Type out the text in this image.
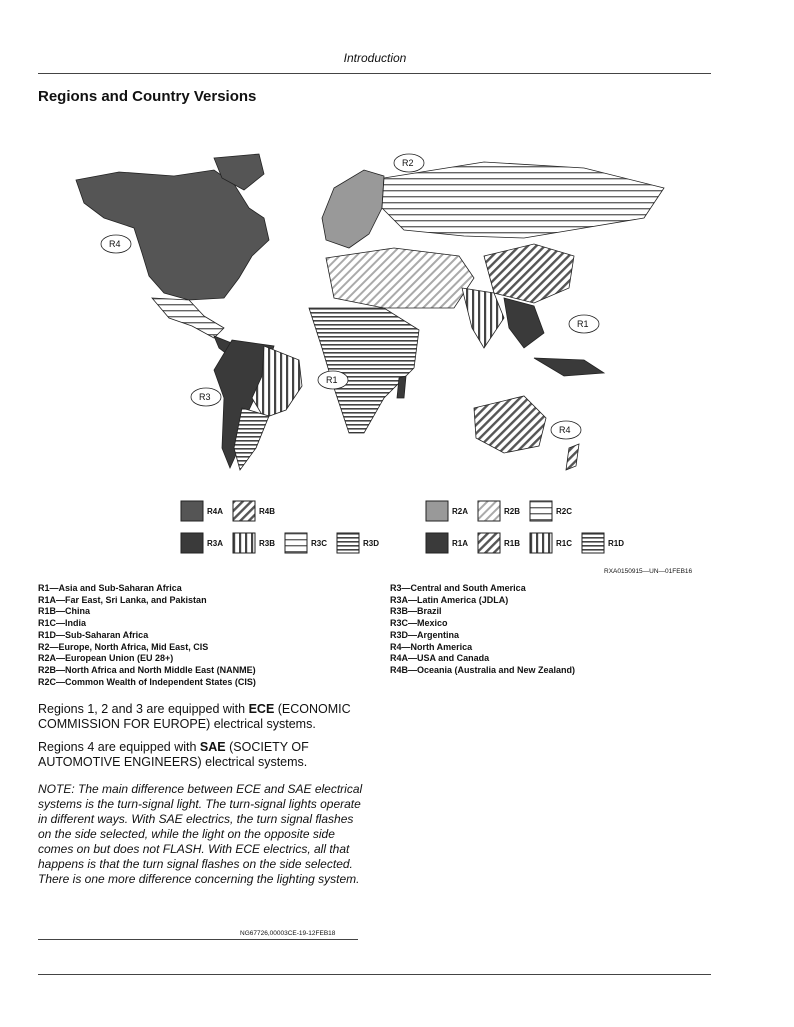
Introduction
Regions and Country Versions
R4
R2
R1
R1
R3
R4
R4A	R4B
R3A	R3B	R3C	R3D
R2A	R2B	R2C
R1A	R1B	R1C	R1D
RXA0150915—UN—01FEB16
R1—Asia and Sub-Saharan Africa
R1A—Far East, Sri Lanka, and Pakistan
R1B—China
R1C—India
R1D—Sub-Saharan Africa
R2—Europe, North Africa, Mid East, CIS
R2A—European Union (EU 28+)
R2B—North Africa and North Middle East (NANME)
R2C—Common Wealth of Independent States (CIS)
R3—Central and South America
R3A—Latin America (JDLA)
R3B—Brazil
R3C—Mexico
R3D—Argentina
R4—North America
R4A—USA and Canada
R4B—Oceania (Australia and New Zealand)
Regions 1, 2 and 3 are equipped with ECE (ECONOMIC COMMISSION FOR EUROPE) electrical systems.
Regions 4 are equipped with SAE (SOCIETY OF AUTOMOTIVE ENGINEERS) electrical systems.
NOTE: The main difference between ECE and SAE electrical systems is the turn-signal light. The turn-signal lights operate in different ways. With SAE electrics, the turn signal flashes on the side selected, while the light on the opposite side comes on but does not FLASH. With ECE electrics, all that happens is that the turn signal flashes on the side selected. There is one more difference concerning the lighting system.
NG67726,00003CE-19-12FEB18
